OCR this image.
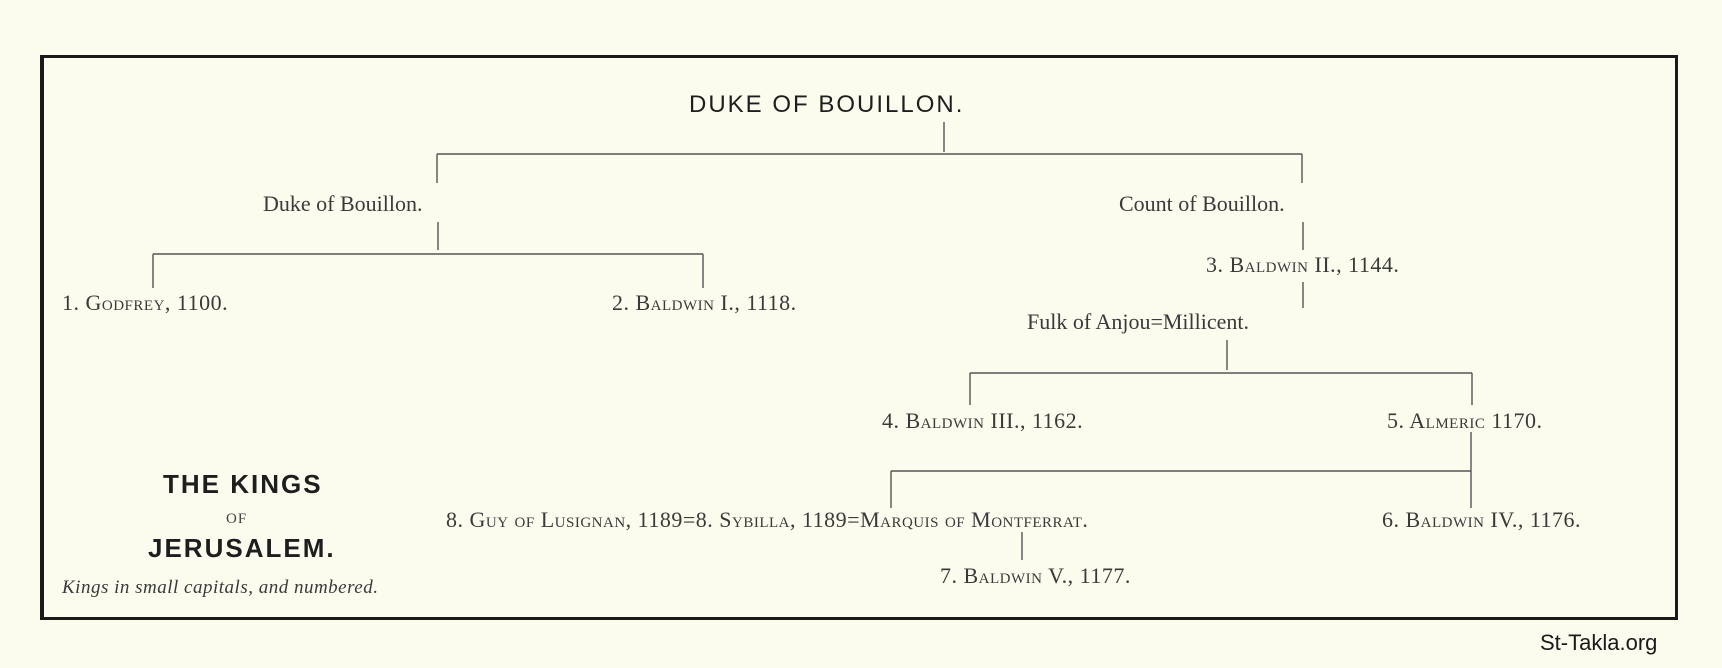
DUKE OF BOUILLON.
Duke of Bouillon.	Count of Bouillon.
1. Godfrey, 1100.	2. Baldwin I., 1118.
3. Baldwin II., 1144.
Fulk of Anjou=Millicent.
4. Baldwin III., 1162.	5. Almeric 1170.
8. Guy of Lusignan, 1189=8. Sybilla, 1189=Marquis of Montferrat.	6. Baldwin IV., 1176.
7. Baldwin V., 1177.
THE KINGS
OF
JERUSALEM.
Kings in small capitals, and numbered.
St-Takla.org
